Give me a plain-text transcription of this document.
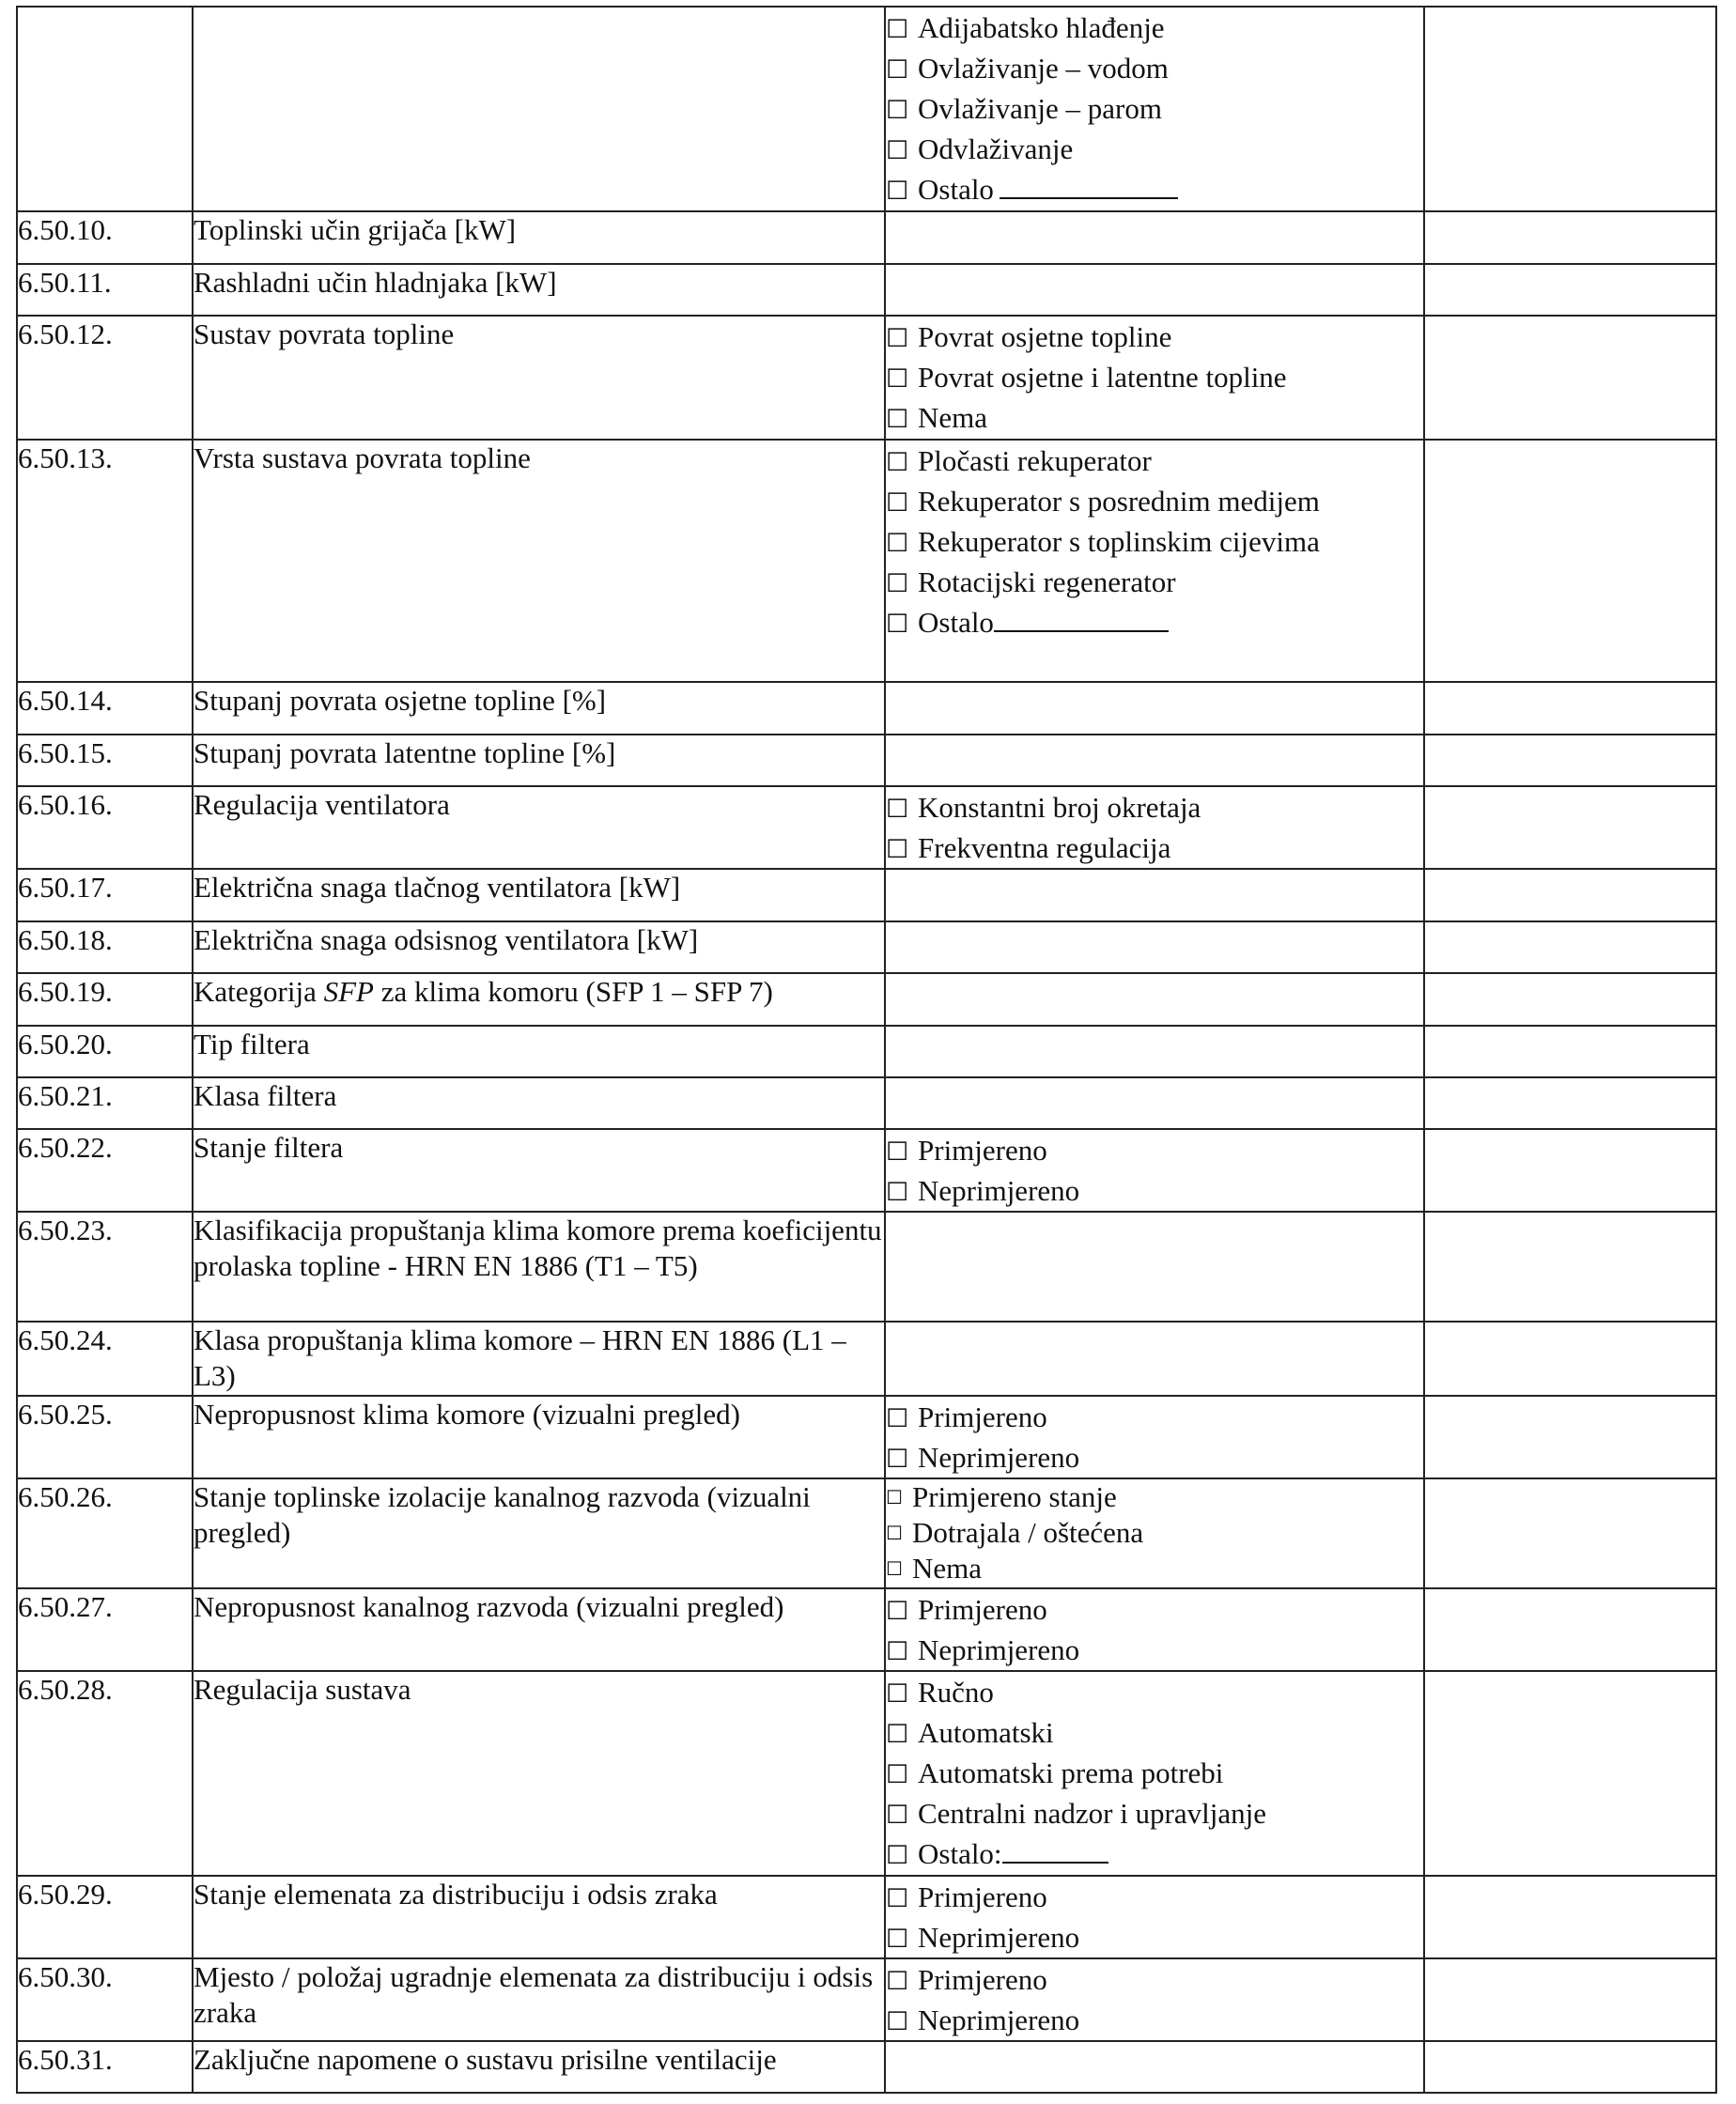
		☐ Adijabatsko hlađenje
☐ Ovlaživanje – vodom
☐ Ovlaživanje – parom
☐ Odvlaživanje
☐ Ostalo	

6.50.10.	Toplinski učin grijača [kW]		
6.50.11.	Rashladni učin hladnjaka [kW]		
6.50.12.	Sustav povrata topline	☐ Povrat osjetne topline
☐ Povrat osjetne i latentne topline
☐ Nema	

6.50.13.	Vrsta sustava povrata topline	☐ Pločasti rekuperator
☐ Rekuperator s posrednim medijem
☐ Rekuperator s toplinskim cijevima
☐ Rotacijski regenerator
☐ Ostalo	

6.50.14.	Stupanj povrata osjetne topline [%]		
6.50.15.	Stupanj povrata latentne topline [%]		
6.50.16.	Regulacija ventilatora	☐ Konstantni broj okretaja
☐ Frekventna regulacija	

6.50.17.	Električna snaga tlačnog ventilatora [kW]		
6.50.18.	Električna snaga odsisnog ventilatora [kW]		
6.50.19.	Kategorija SFP za klima komoru (SFP 1 – SFP 7)		
6.50.20.	Tip filtera		
6.50.21.	Klasa filtera		
6.50.22.	Stanje filtera	☐ Primjereno
☐ Neprimjereno	

6.50.23.	Klasifikacija propuštanja klima komore prema koeficijentu prolaska topline - HRN EN 1886 (T1 – T5)		
6.50.24.	Klasa propuštanja klima komore – HRN EN 1886 (L1 – L3)		
6.50.25.	Nepropusnost klima komore (vizualni pregled)	☐ Primjereno
☐ Neprimjereno	

6.50.26.	Stanje toplinske izolacije kanalnog razvoda (vizualni pregled)	☐ Primjereno stanje
☐ Dotrajala / oštećena
☐ Nema	

6.50.27.	Nepropusnost kanalnog razvoda (vizualni pregled)	☐ Primjereno
☐ Neprimjereno	

6.50.28.	Regulacija sustava	☐ Ručno
☐ Automatski
☐ Automatski prema potrebi
☐ Centralni nadzor i upravljanje
☐ Ostalo:	

6.50.29.	Stanje elemenata za distribuciju i odsis zraka	☐ Primjereno
☐ Neprimjereno	

6.50.30.	Mjesto / položaj ugradnje elemenata za distribuciju i odsis zraka	☐ Primjereno
☐ Neprimjereno	

6.50.31.	Zaključne napomene o sustavu prisilne ventilacije		
